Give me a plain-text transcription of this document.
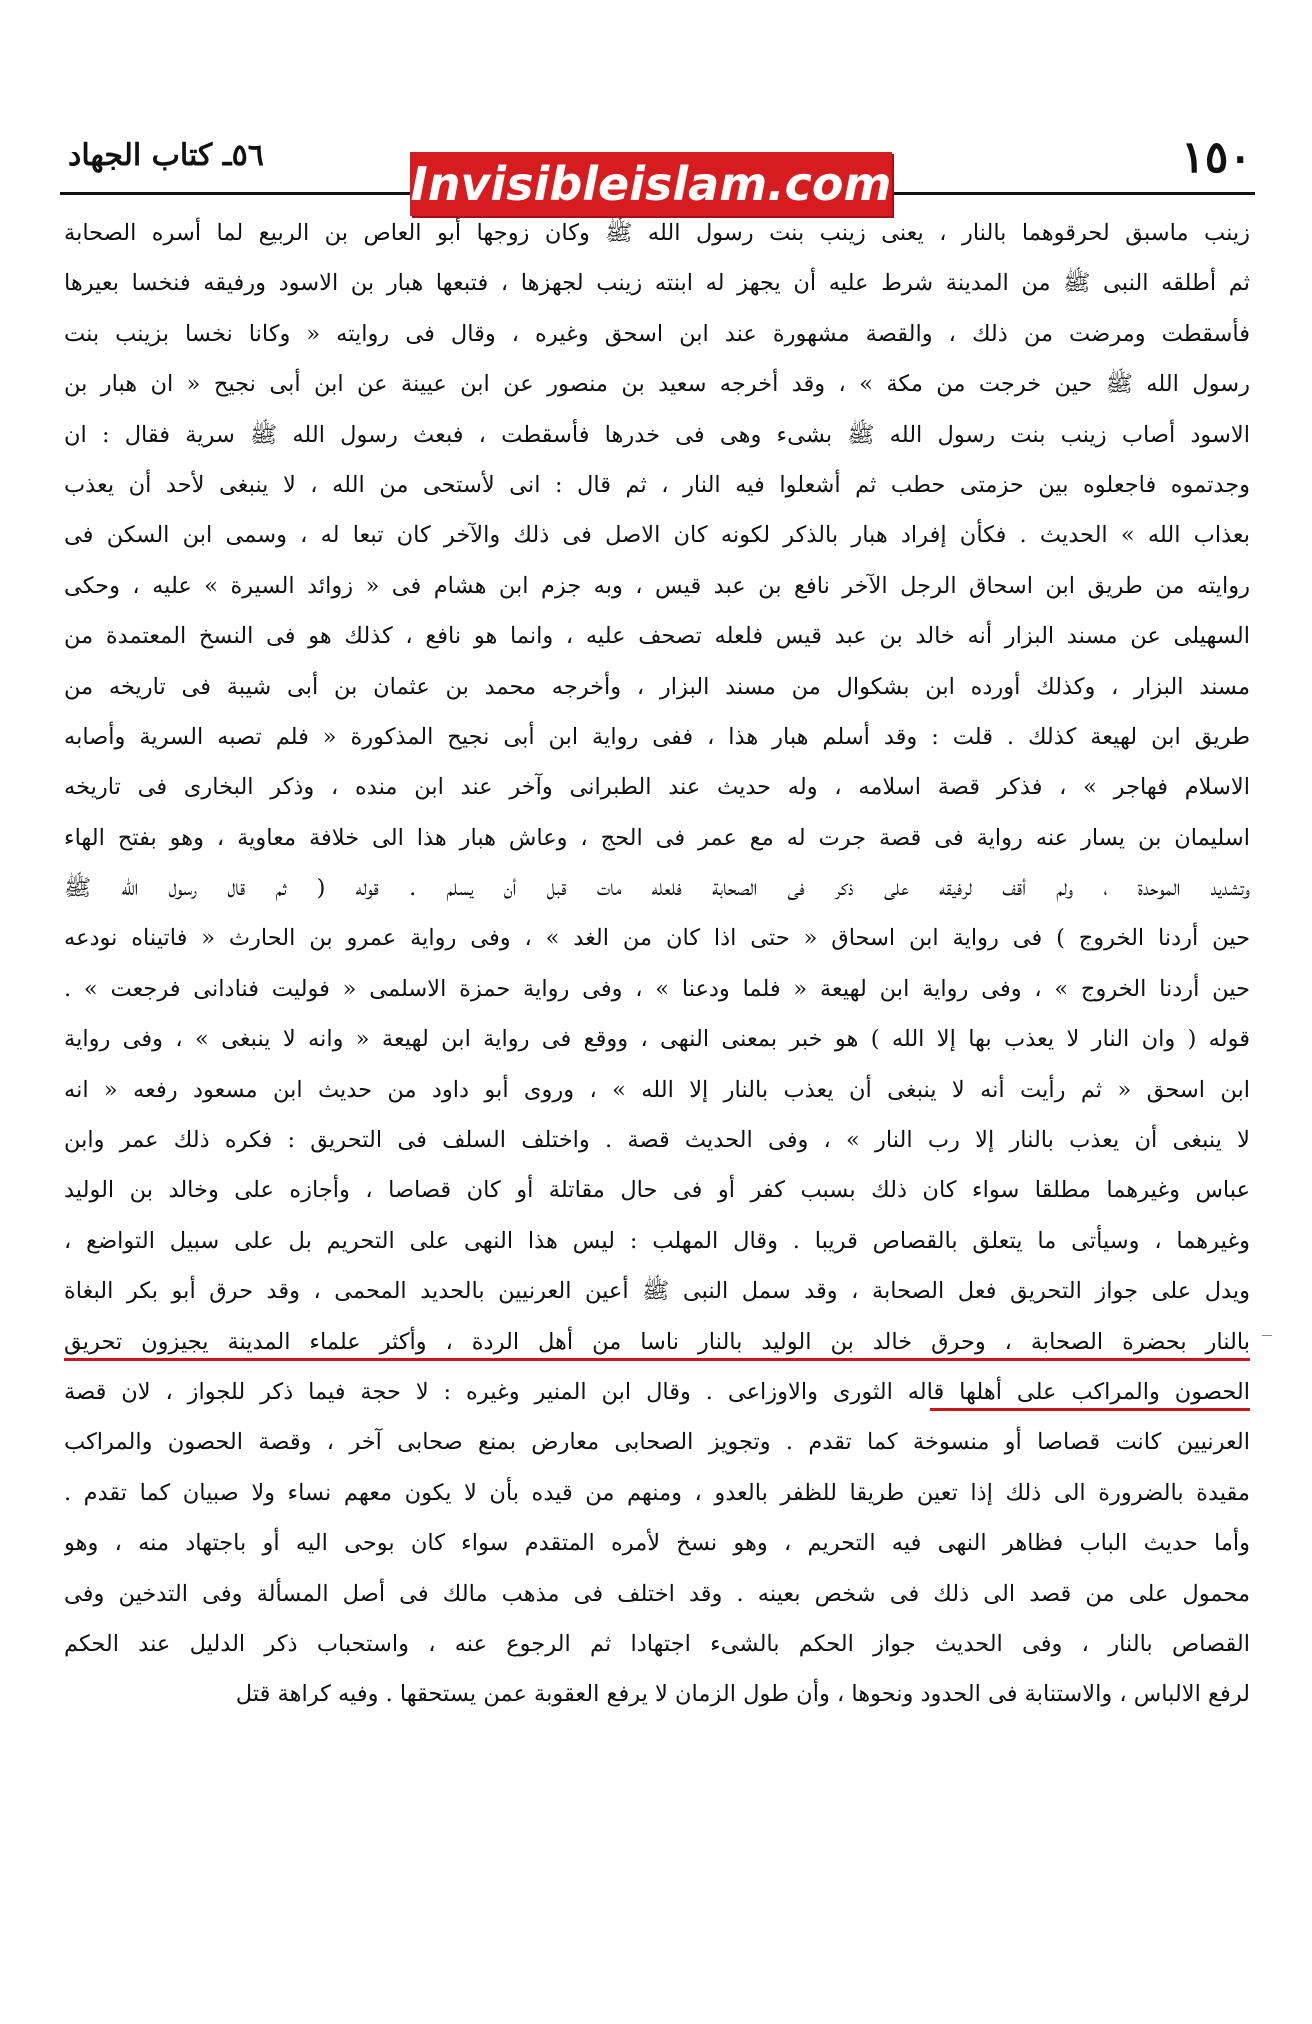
٥٦ـ كتاب الجهاد	١٥٠
زينب ماسبق لحرقوهما بالنار ، يعنى زينب بنت رسول الله ﷺ وكان زوجها أبو العاص بن الربيع لما أسره الصحابة
ثم أطلقه النبى ﷺ من المدينة شرط عليه أن يجهز له ابنته زينب لجهزها ، فتبعها هبار بن الاسود ورفيقه فنخسا بعيرها
فأسقطت ومرضت من ذلك ، والقصة مشهورة عند ابن اسحق وغيره ، وقال فى روايته « وكانا نخسا بزينب بنت
رسول الله ﷺ حين خرجت من مكة » ، وقد أخرجه سعيد بن منصور عن ابن عيينة عن ابن أبى نجيح « ان هبار بن
الاسود أصاب زينب بنت رسول الله ﷺ بشىء وهى فى خدرها فأسقطت ، فبعث رسول الله ﷺ سرية فقال : ان
وجدتموه فاجعلوه بين حزمتى حطب ثم أشعلوا فيه النار ، ثم قال : انى لأستحى من الله ، لا ينبغى لأحد أن يعذب
بعذاب الله » الحديث . فكأن إفراد هبار بالذكر لكونه كان الاصل فى ذلك والآخر كان تبعا له ، وسمى ابن السكن فى
روايته من طريق ابن اسحاق الرجل الآخر نافع بن عبد قيس ، وبه جزم ابن هشام فى « زوائد السيرة » عليه ، وحكى
السهيلى عن مسند البزار أنه خالد بن عبد قيس فلعله تصحف عليه ، وانما هو نافع ، كذلك هو فى النسخ المعتمدة من
مسند البزار ، وكذلك أورده ابن بشكوال من مسند البزار ، وأخرجه محمد بن عثمان بن أبى شيبة فى تاريخه من
طريق ابن لهيعة كذلك . قلت : وقد أسلم هبار هذا ، ففى رواية ابن أبى نجيح المذكورة « فلم تصبه السرية وأصابه
الاسلام فهاجر » ، فذكر قصة اسلامه ، وله حديث عند الطبرانى وآخر عند ابن منده ، وذكر البخارى فى تاريخه
اسليمان بن يسار عنه رواية فى قصة جرت له مع عمر فى الحج ، وعاش هبار هذا الى خلافة معاوية ، وهو بفتح الهاء
وتشديد الموحدة ، ولم أقف لرفيقه على ذكر فى الصحابة فلعله مات قبل أن يسلم . قوله ( ثم قال رسول الله ﷺ
حين أردنا الخروج ) فى رواية ابن اسحاق « حتى اذا كان من الغد » ، وفى رواية عمرو بن الحارث « فاتيناه نودعه
حين أردنا الخروج » ، وفى رواية ابن لهيعة « فلما ودعنا » ، وفى رواية حمزة الاسلمى « فوليت فنادانى فرجعت » .
قوله ( وان النار لا يعذب بها إلا الله ) هو خبر بمعنى النهى ، ووقع فى رواية ابن لهيعة « وانه لا ينبغى » ، وفى رواية
ابن اسحق « ثم رأيت أنه لا ينبغى أن يعذب بالنار إلا الله » ، وروى أبو داود من حديث ابن مسعود رفعه « انه
لا ينبغى أن يعذب بالنار إلا رب النار » ، وفى الحديث قصة . واختلف السلف فى التحريق : فكره ذلك عمر وابن
عباس وغيرهما مطلقا سواء كان ذلك بسبب كفر أو فى حال مقاتلة أو كان قصاصا ، وأجازه على وخالد بن الوليد
وغيرهما ، وسيأتى ما يتعلق بالقصاص قريبا . وقال المهلب : ليس هذا النهى على التحريم بل على سبيل التواضع ،
ويدل على جواز التحريق فعل الصحابة ، وقد سمل النبى ﷺ أعين العرنيين بالحديد المحمى ، وقد حرق أبو بكر البغاة
بالنار بحضرة الصحابة ، وحرق خالد بن الوليد بالنار ناسا من أهل الردة ، وأكثر علماء المدينة يجيزون تحريق
الحصون والمراكب على أهلها قاله الثورى والاوزاعى . وقال ابن المنير وغيره : لا حجة فيما ذكر للجواز ، لان قصة
العرنيين كانت قصاصا أو منسوخة كما تقدم . وتجويز الصحابى معارض بمنع صحابى آخر ، وقصة الحصون والمراكب
مقيدة بالضرورة الى ذلك إذا تعين طريقا للظفر بالعدو ، ومنهم من قيده بأن لا يكون معهم نساء ولا صبيان كما تقدم .
وأما حديث الباب فظاهر النهى فيه التحريم ، وهو نسخ لأمره المتقدم سواء كان بوحى اليه أو باجتهاد منه ، وهو
محمول على من قصد الى ذلك فى شخص بعينه . وقد اختلف فى مذهب مالك فى أصل المسألة وفى التدخين وفى
القصاص بالنار ، وفى الحديث جواز الحكم بالشىء اجتهادا ثم الرجوع عنه ، واستحباب ذكر الدليل عند الحكم
لرفع الالباس ، والاستنابة فى الحدود ونحوها ، وأن طول الزمان لا يرفع العقوبة عمن يستحقها . وفيه كراهة قتل
Invisibleislam.com
